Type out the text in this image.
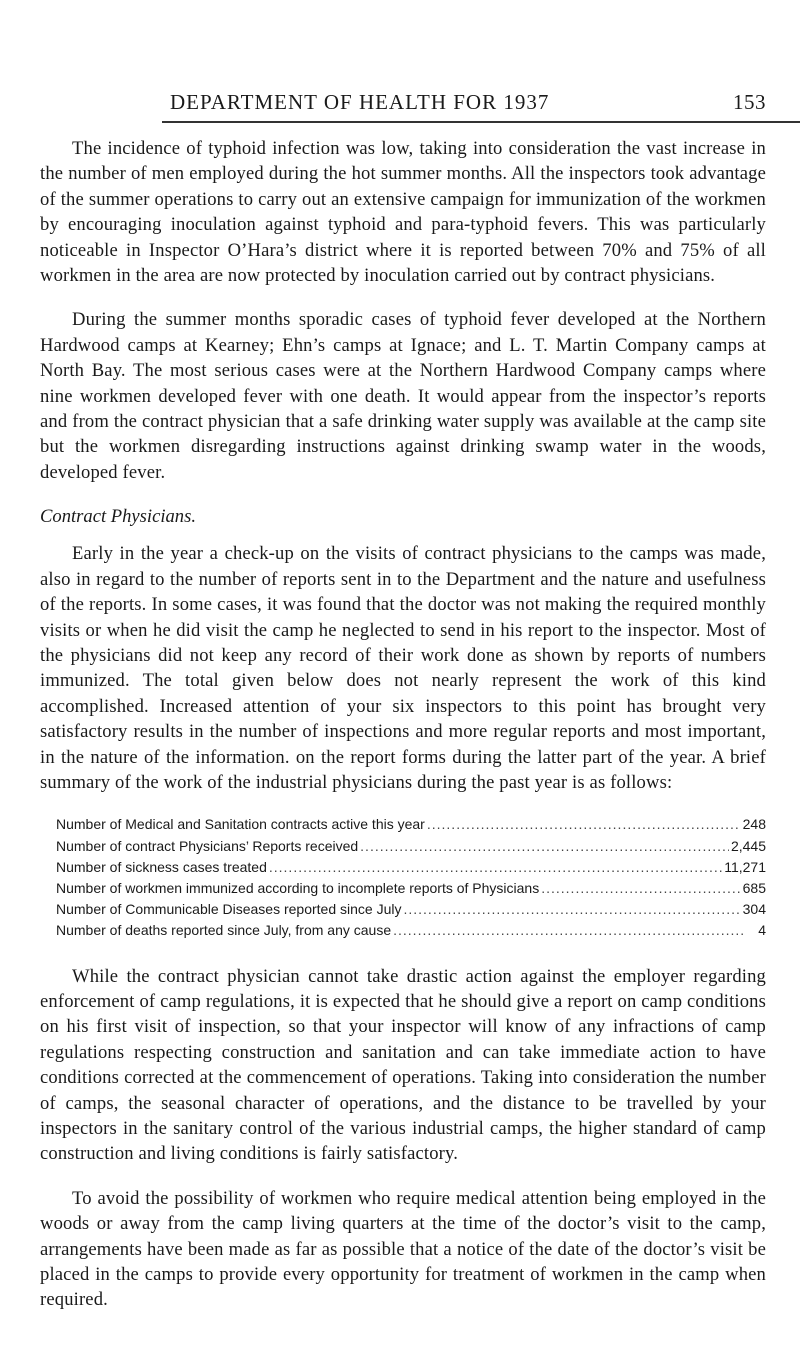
DEPARTMENT OF HEALTH FOR 1937	153

The incidence of typhoid infection was low, taking into consideration the vast increase in the number of men employed during the hot summer months. All the inspectors took advantage of the summer operations to carry out an extensive campaign for immunization of the workmen by encouraging inoculation against typhoid and para-typhoid fevers. This was particularly noticeable in Inspector O’Hara’s district where it is reported between 70% and 75% of all workmen in the area are now protected by inoculation carried out by contract physicians.

During the summer months sporadic cases of typhoid fever developed at the Northern Hardwood camps at Kearney; Ehn’s camps at Ignace; and L. T. Martin Company camps at North Bay. The most serious cases were at the Northern Hardwood Company camps where nine workmen developed fever with one death. It would appear from the inspector’s reports and from the contract physician that a safe drinking water supply was available at the camp site but the workmen disregarding instructions against drinking swamp water in the woods, developed fever.

Contract Physicians.

Early in the year a check-up on the visits of contract physicians to the camps was made, also in regard to the number of reports sent in to the Department and the nature and usefulness of the reports. In some cases, it was found that the doctor was not making the required monthly visits or when he did visit the camp he neglected to send in his report to the inspector. Most of the physicians did not keep any record of their work done as shown by reports of numbers immunized. The total given below does not nearly represent the work of this kind accomplished. Increased attention of your six inspectors to this point has brought very satisfactory results in the number of inspections and more regular reports and most important, in the nature of the information. on the report forms during the latter part of the year. A brief summary of the work of the industrial physicians during the past year is as follows:

Number of Medical and Sanitation contracts active this year .....	248
Number of contract Physicians’ Reports received .....	2,445
Number of sickness cases treated .....	11,271
Number of workmen immunized according to incomplete reports of Physicians .....	685
Number of Communicable Diseases reported since July .....	304
Number of deaths reported since July, from any cause .....	4

While the contract physician cannot take drastic action against the employer regarding enforcement of camp regulations, it is expected that he should give a report on camp conditions on his first visit of inspection, so that your inspector will know of any infractions of camp regulations respecting construction and sanitation and can take immediate action to have conditions corrected at the commencement of operations. Taking into consideration the number of camps, the seasonal character of operations, and the distance to be travelled by your inspectors in the sanitary control of the various industrial camps, the higher standard of camp construction and living conditions is fairly satisfactory.

To avoid the possibility of workmen who require medical attention being employed in the woods or away from the camp living quarters at the time of the doctor’s visit to the camp, arrangements have been made as far as possible that a notice of the date of the doctor’s visit be placed in the camps to provide every opportunity for treatment of workmen in the camp when required.
